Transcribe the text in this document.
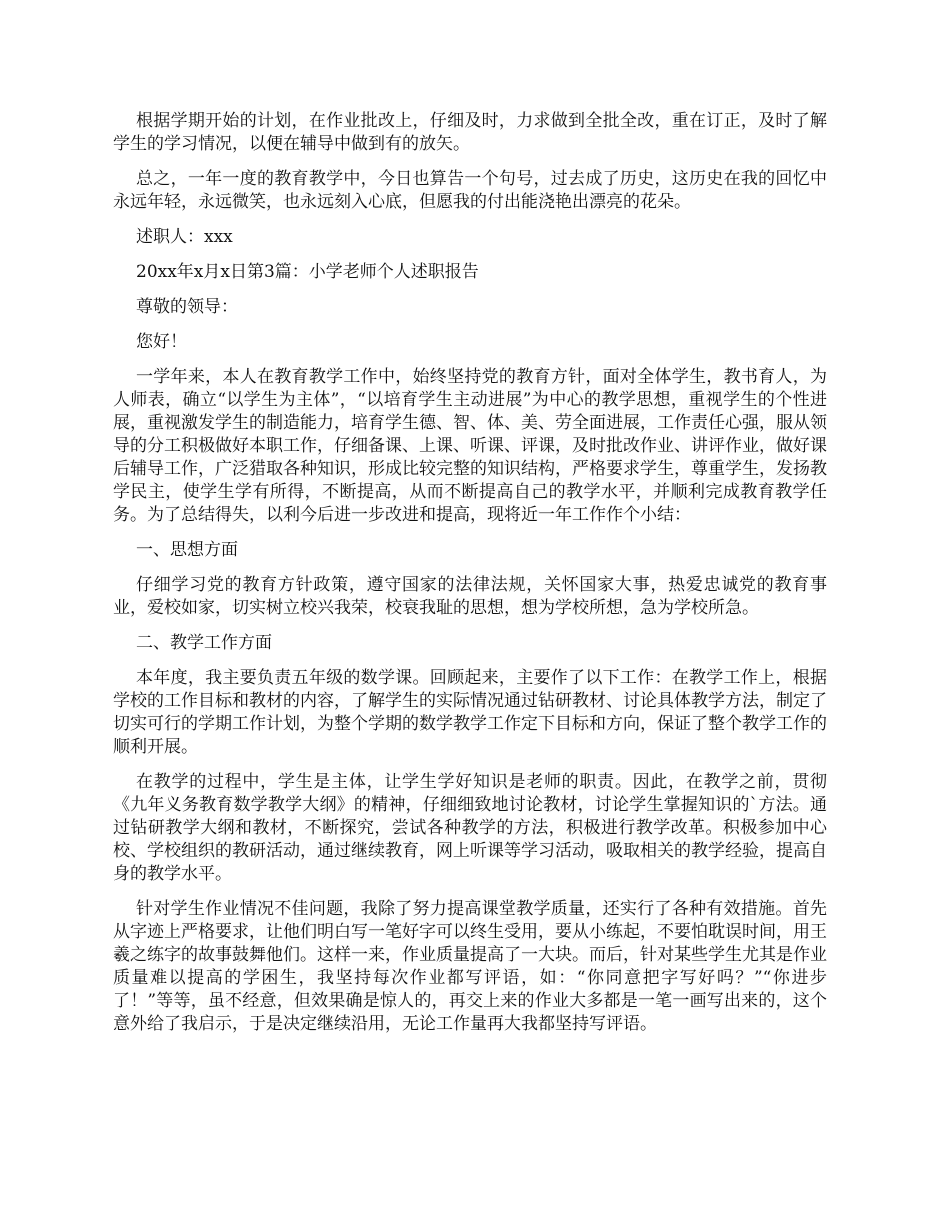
根据学期开始的计划，在作业批改上，仔细及时，力求做到全批全改，重在订正，及时了解学生的学习情况，以便在辅导中做到有的放矢。

总之，一年一度的教育教学中，今日也算告一个句号，过去成了历史，这历史在我的回忆中永远年轻，永远微笑，也永远刻入心底，但愿我的付出能浇艳出漂亮的花朵。

述职人：xxx

20xx年x月x日第3篇：小学老师个人述职报告

尊敬的领导：

您好！

一学年来，本人在教育教学工作中，始终坚持党的教育方针，面对全体学生，教书育人，为人师表，确立“以学生为主体”，“以培育学生主动进展”为中心的教学思想，重视学生的个性进展，重视激发学生的制造能力，培育学生德、智、体、美、劳全面进展，工作责任心强，服从领导的分工积极做好本职工作，仔细备课、上课、听课、评课，及时批改作业、讲评作业，做好课后辅导工作，广泛猎取各种知识，形成比较完整的知识结构，严格要求学生，尊重学生，发扬教学民主，使学生学有所得，不断提高，从而不断提高自己的教学水平，并顺利完成教育教学任务。为了总结得失，以利今后进一步改进和提高，现将近一年工作作个小结：

一、思想方面

仔细学习党的教育方针政策，遵守国家的法律法规，关怀国家大事，热爱忠诚党的教育事业，爱校如家，切实树立校兴我荣，校衰我耻的思想，想为学校所想，急为学校所急。

二、教学工作方面

本年度，我主要负责五年级的数学课。回顾起来，主要作了以下工作：在教学工作上，根据学校的工作目标和教材的内容，了解学生的实际情况通过钻研教材、讨论具体教学方法，制定了切实可行的学期工作计划，为整个学期的数学教学工作定下目标和方向，保证了整个教学工作的顺利开展。

在教学的过程中，学生是主体，让学生学好知识是老师的职责。因此，在教学之前，贯彻《九年义务教育数学教学大纲》的精神，仔细细致地讨论教材，讨论学生掌握知识的`方法。通过钻研教学大纲和教材，不断探究，尝试各种教学的方法，积极进行教学改革。积极参加中心校、学校组织的教研活动，通过继续教育，网上听课等学习活动，吸取相关的教学经验，提高自身的教学水平。

针对学生作业情况不佳问题，我除了努力提高课堂教学质量，还实行了各种有效措施。首先从字迹上严格要求，让他们明白写一笔好字可以终生受用，要从小练起，不要怕耽误时间，用王羲之练字的故事鼓舞他们。这样一来，作业质量提高了一大块。而后，针对某些学生尤其是作业质量难以提高的学困生，我坚持每次作业都写评语，如：“你同意把字写好吗？”“你进步了！”等等，虽不经意，但效果确是惊人的，再交上来的作业大多都是一笔一画写出来的，这个意外给了我启示，于是决定继续沿用，无论工作量再大我都坚持写评语。
